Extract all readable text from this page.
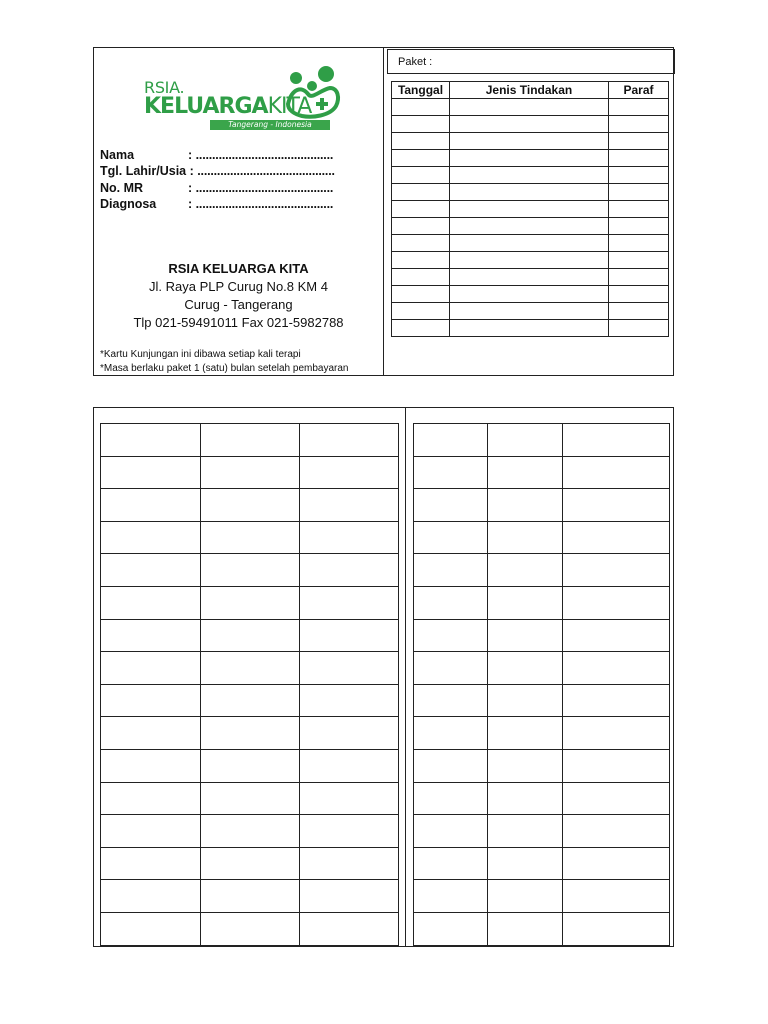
RSIA.
KELUARGAKITA
Tangerang - Indonesia
Nama	: ..........................................
Tgl. Lahir/Usia : ..........................................
No. MR	: ..........................................
Diagnosa	: ..........................................
RSIA KELUARGA KITA
Jl. Raya PLP Curug No.8 KM 4
Curug - Tangerang
Tlp 021-59491011 Fax 021-5982788
*Kartu Kunjungan ini dibawa setiap kali terapi
*Masa berlaku paket 1 (satu) bulan setelah pembayaran
Paket :
Tanggal	Jenis Tindakan	Paraf
